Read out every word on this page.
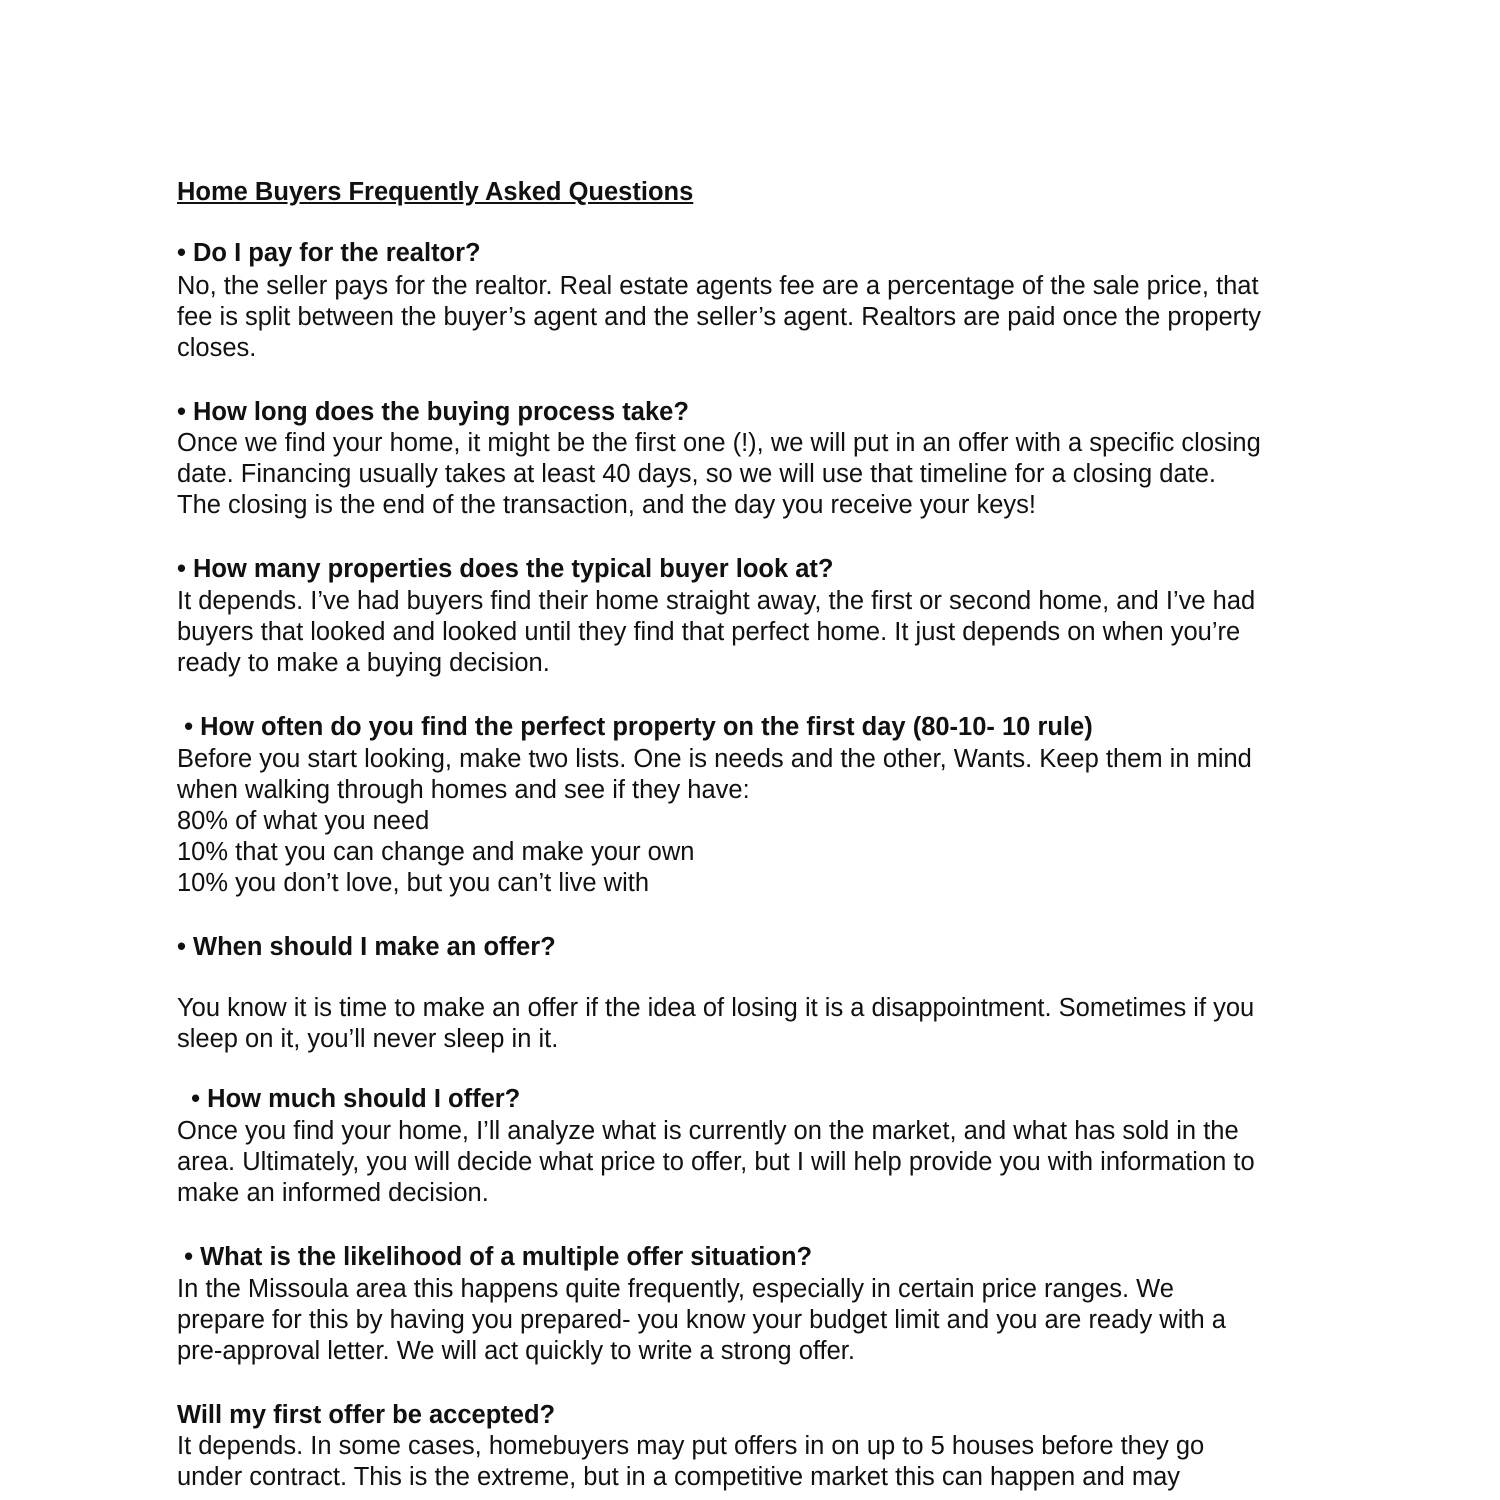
Home Buyers Frequently Asked Questions
• Do I pay for the realtor?
No, the seller pays for the realtor. Real estate agents fee are a percentage of the sale price, that
fee is split between the buyer’s agent and the seller’s agent. Realtors are paid once the property
closes.
• How long does the buying process take?
Once we find your home, it might be the first one (!), we will put in an offer with a specific closing
date. Financing usually takes at least 40 days, so we will use that timeline for a closing date.
The closing is the end of the transaction, and the day you receive your keys!
• How many properties does the typical buyer look at?
It depends. I’ve had buyers find their home straight away, the first or second home, and I’ve had
buyers that looked and looked until they find that perfect home. It just depends on when you’re
ready to make a buying decision.
• How often do you find the perfect property on the first day (80-10- 10 rule)
Before you start looking, make two lists. One is needs and the other, Wants. Keep them in mind
when walking through homes and see if they have:
80% of what you need
10% that you can change and make your own
10% you don’t love, but you can’t live with
• When should I make an offer?
You know it is time to make an offer if the idea of losing it is a disappointment. Sometimes if you
sleep on it, you’ll never sleep in it.
• How much should I offer?
Once you find your home, I’ll analyze what is currently on the market, and what has sold in the
area. Ultimately, you will decide what price to offer, but I will help provide you with information to
make an informed decision.
• What is the likelihood of a multiple offer situation?
In the Missoula area this happens quite frequently, especially in certain price ranges. We
prepare for this by having you prepared- you know your budget limit and you are ready with a
pre-approval letter. We will act quickly to write a strong offer.
Will my first offer be accepted?
It depends. In some cases, homebuyers may put offers in on up to 5 houses before they go
under contract. This is the extreme, but in a competitive market this can happen and may
